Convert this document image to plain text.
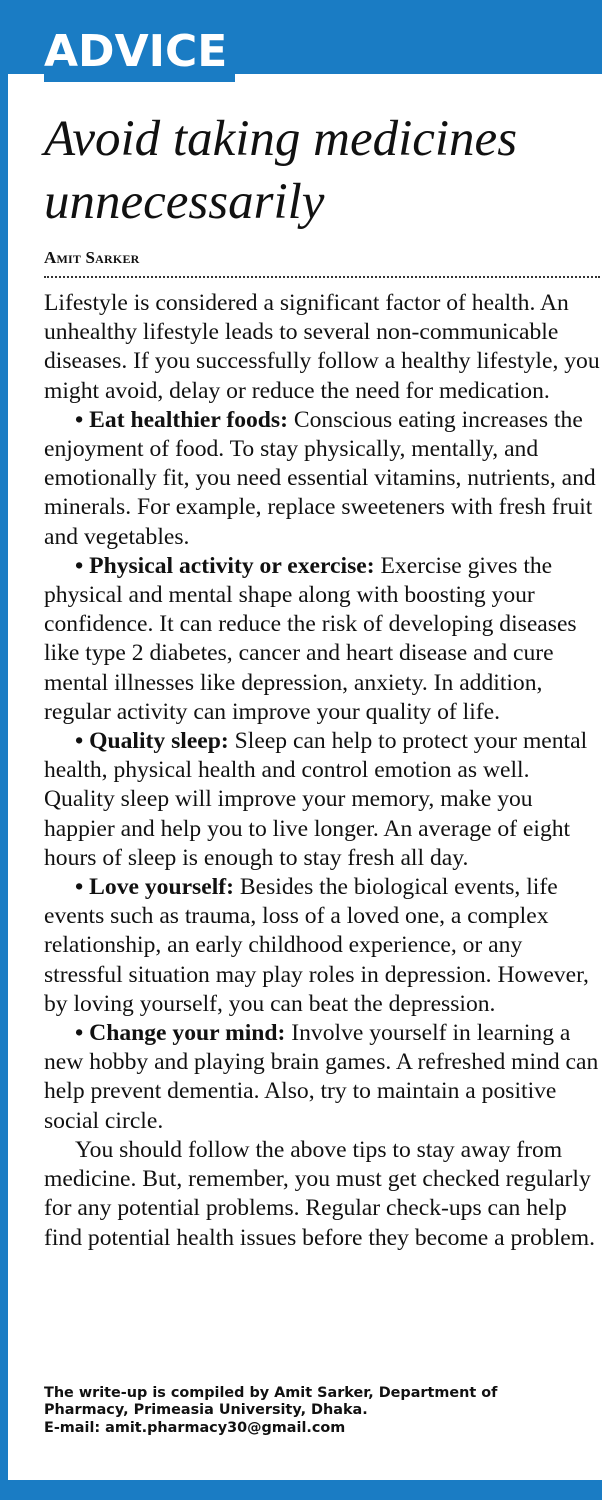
ADVICE
Avoid taking medicines unnecessarily
Amit Sarker

Lifestyle is considered a significant factor of health. An unhealthy lifestyle leads to several non-communicable diseases. If you successfully follow a healthy lifestyle, you might avoid, delay or reduce the need for medication.

• Eat healthier foods: Conscious eating increases the enjoyment of food. To stay physically, mentally, and emotionally fit, you need essential vitamins, nutrients, and minerals. For example, replace sweeteners with fresh fruit and vegetables.

• Physical activity or exercise: Exercise gives the physical and mental shape along with boosting your confidence. It can reduce the risk of developing diseases like type 2 diabetes, cancer and heart disease and cure mental illnesses like depression, anxiety. In addition, regular activity can improve your quality of life.

• Quality sleep: Sleep can help to protect your mental health, physical health and control emotion as well. Quality sleep will improve your memory, make you happier and help you to live longer. An average of eight hours of sleep is enough to stay fresh all day.

• Love yourself: Besides the biological events, life events such as trauma, loss of a loved one, a complex relationship, an early childhood experience, or any stressful situation may play roles in depression. However, by loving yourself, you can beat the depression.

• Change your mind: Involve yourself in learning a new hobby and playing brain games. A refreshed mind can help prevent dementia. Also, try to maintain a positive social circle.

You should follow the above tips to stay away from medicine. But, remember, you must get checked regularly for any potential problems. Regular check-ups can help find potential health issues before they become a problem.

The write-up is compiled by Amit Sarker, Department of
Pharmacy, Primeasia University, Dhaka.
E-mail: amit.pharmacy30@gmail.com
